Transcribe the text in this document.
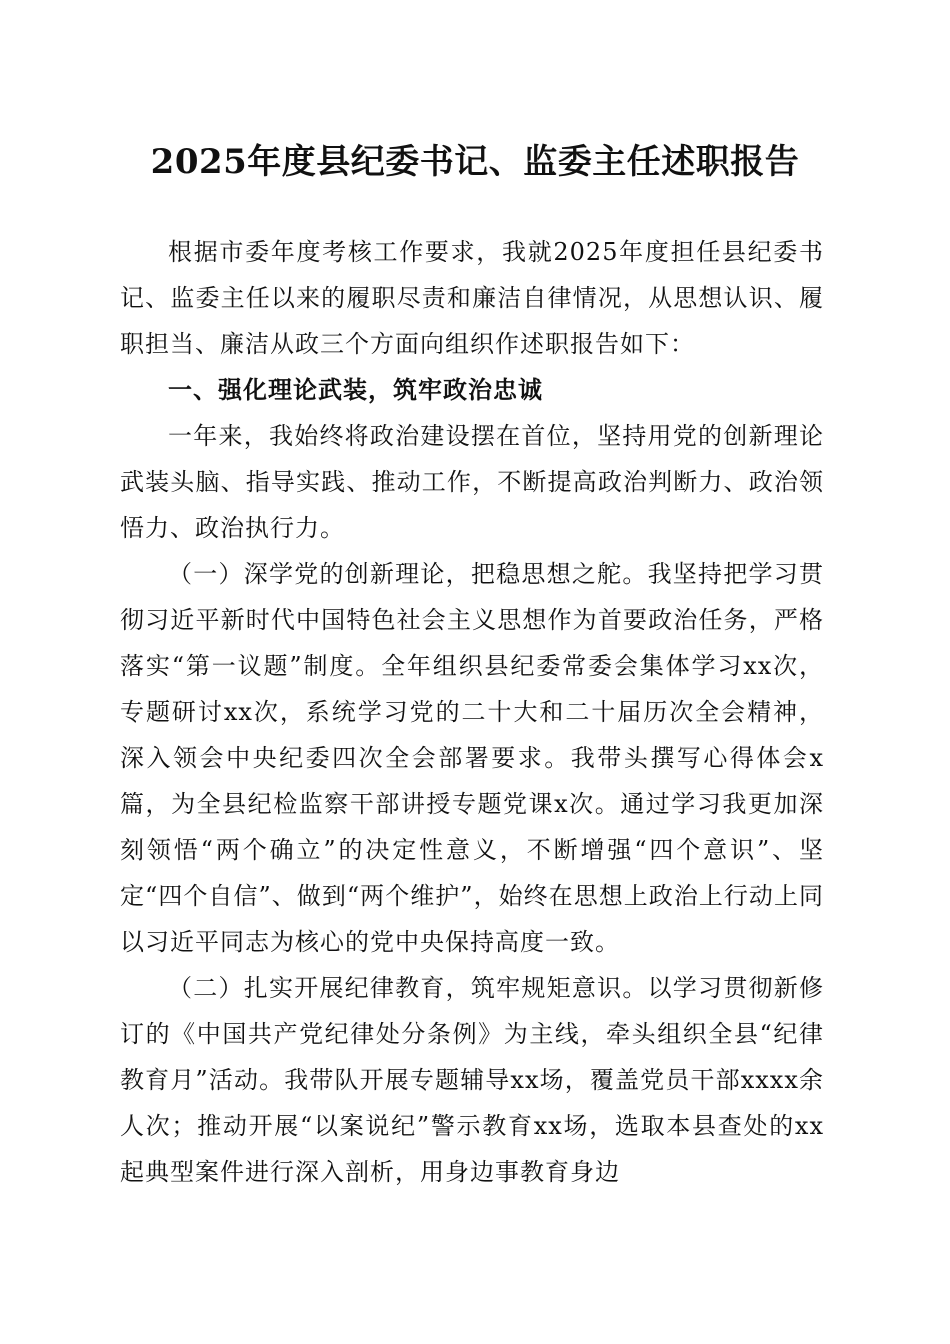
2025年度县纪委书记、监委主任述职报告

根据市委年度考核工作要求，我就2025年度担任县纪委书记、监委主任以来的履职尽责和廉洁自律情况，从思想认识、履职担当、廉洁从政三个方面向组织作述职报告如下：

一、强化理论武装，筑牢政治忠诚

一年来，我始终将政治建设摆在首位，坚持用党的创新理论武装头脑、指导实践、推动工作，不断提高政治判断力、政治领悟力、政治执行力。

（一）深学党的创新理论，把稳思想之舵。我坚持把学习贯彻习近平新时代中国特色社会主义思想作为首要政治任务，严格落实“第一议题”制度。全年组织县纪委常委会集体学习xx次，专题研讨xx次，系统学习党的二十大和二十届历次全会精神，深入领会中央纪委四次全会部署要求。我带头撰写心得体会x篇，为全县纪检监察干部讲授专题党课x次。通过学习我更加深刻领悟“两个确立”的决定性意义，不断增强“四个意识”、坚定“四个自信”、做到“两个维护”，始终在思想上政治上行动上同以习近平同志为核心的党中央保持高度一致。

（二）扎实开展纪律教育，筑牢规矩意识。以学习贯彻新修订的《中国共产党纪律处分条例》为主线，牵头组织全县“纪律教育月”活动。我带队开展专题辅导xx场，覆盖党员干部xxxx余人次；推动开展“以案说纪”警示教育xx场，选取本县查处的xx起典型案件进行深入剖析，用身边事教育身边
